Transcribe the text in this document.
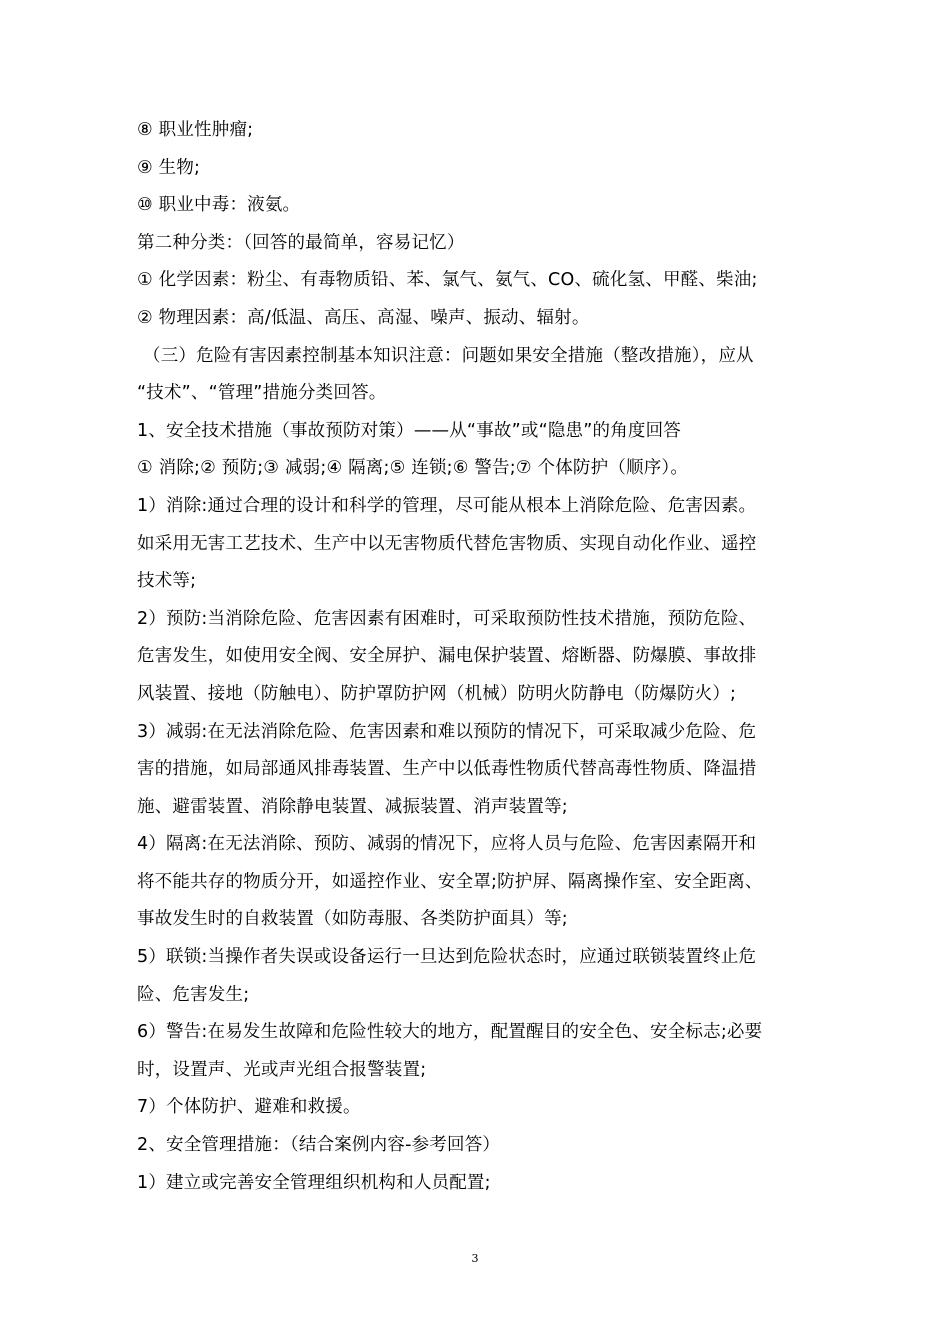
⑧ 职业性肿瘤;
⑨ 生物;
⑩ 职业中毒：液氨。
第二种分类：（回答的最简单，容易记忆）
① 化学因素：粉尘、有毒物质铅、苯、氯气、氨气、CO、硫化氢、甲醛、柴油;
② 物理因素：高/低温、高压、高湿、噪声、振动、辐射。
（三）危险有害因素控制基本知识注意：问题如果安全措施（整改措施），应从
“技术”、“管理”措施分类回答。
1、安全技术措施（事故预防对策）——从“事故”或“隐患”的角度回答
① 消除;② 预防;③ 减弱;④ 隔离;⑤ 连锁;⑥ 警告;⑦ 个体防护（顺序）。
1）消除:通过合理的设计和科学的管理，尽可能从根本上消除危险、危害因素。
如采用无害工艺技术、生产中以无害物质代替危害物质、实现自动化作业、遥控
技术等;
2）预防:当消除危险、危害因素有困难时，可采取预防性技术措施，预防危险、
危害发生，如使用安全阀、安全屏护、漏电保护装置、熔断器、防爆膜、事故排
风装置、接地（防触电）、防护罩防护网（机械）防明火防静电（防爆防火）;
3）减弱:在无法消除危险、危害因素和难以预防的情况下，可采取减少危险、危
害的措施，如局部通风排毒装置、生产中以低毒性物质代替高毒性物质、降温措
施、避雷装置、消除静电装置、减振装置、消声装置等;
4）隔离:在无法消除、预防、减弱的情况下，应将人员与危险、危害因素隔开和
将不能共存的物质分开，如遥控作业、安全罩;防护屏、隔离操作室、安全距离、
事故发生时的自救装置（如防毒服、各类防护面具）等;
5）联锁:当操作者失误或设备运行一旦达到危险状态时，应通过联锁装置终止危
险、危害发生;
6）警告:在易发生故障和危险性较大的地方，配置醒目的安全色、安全标志;必要
时，设置声、光或声光组合报警装置;
7）个体防护、避难和救援。
2、安全管理措施：（结合案例内容-参考回答）
1）建立或完善安全管理组织机构和人员配置;
3
